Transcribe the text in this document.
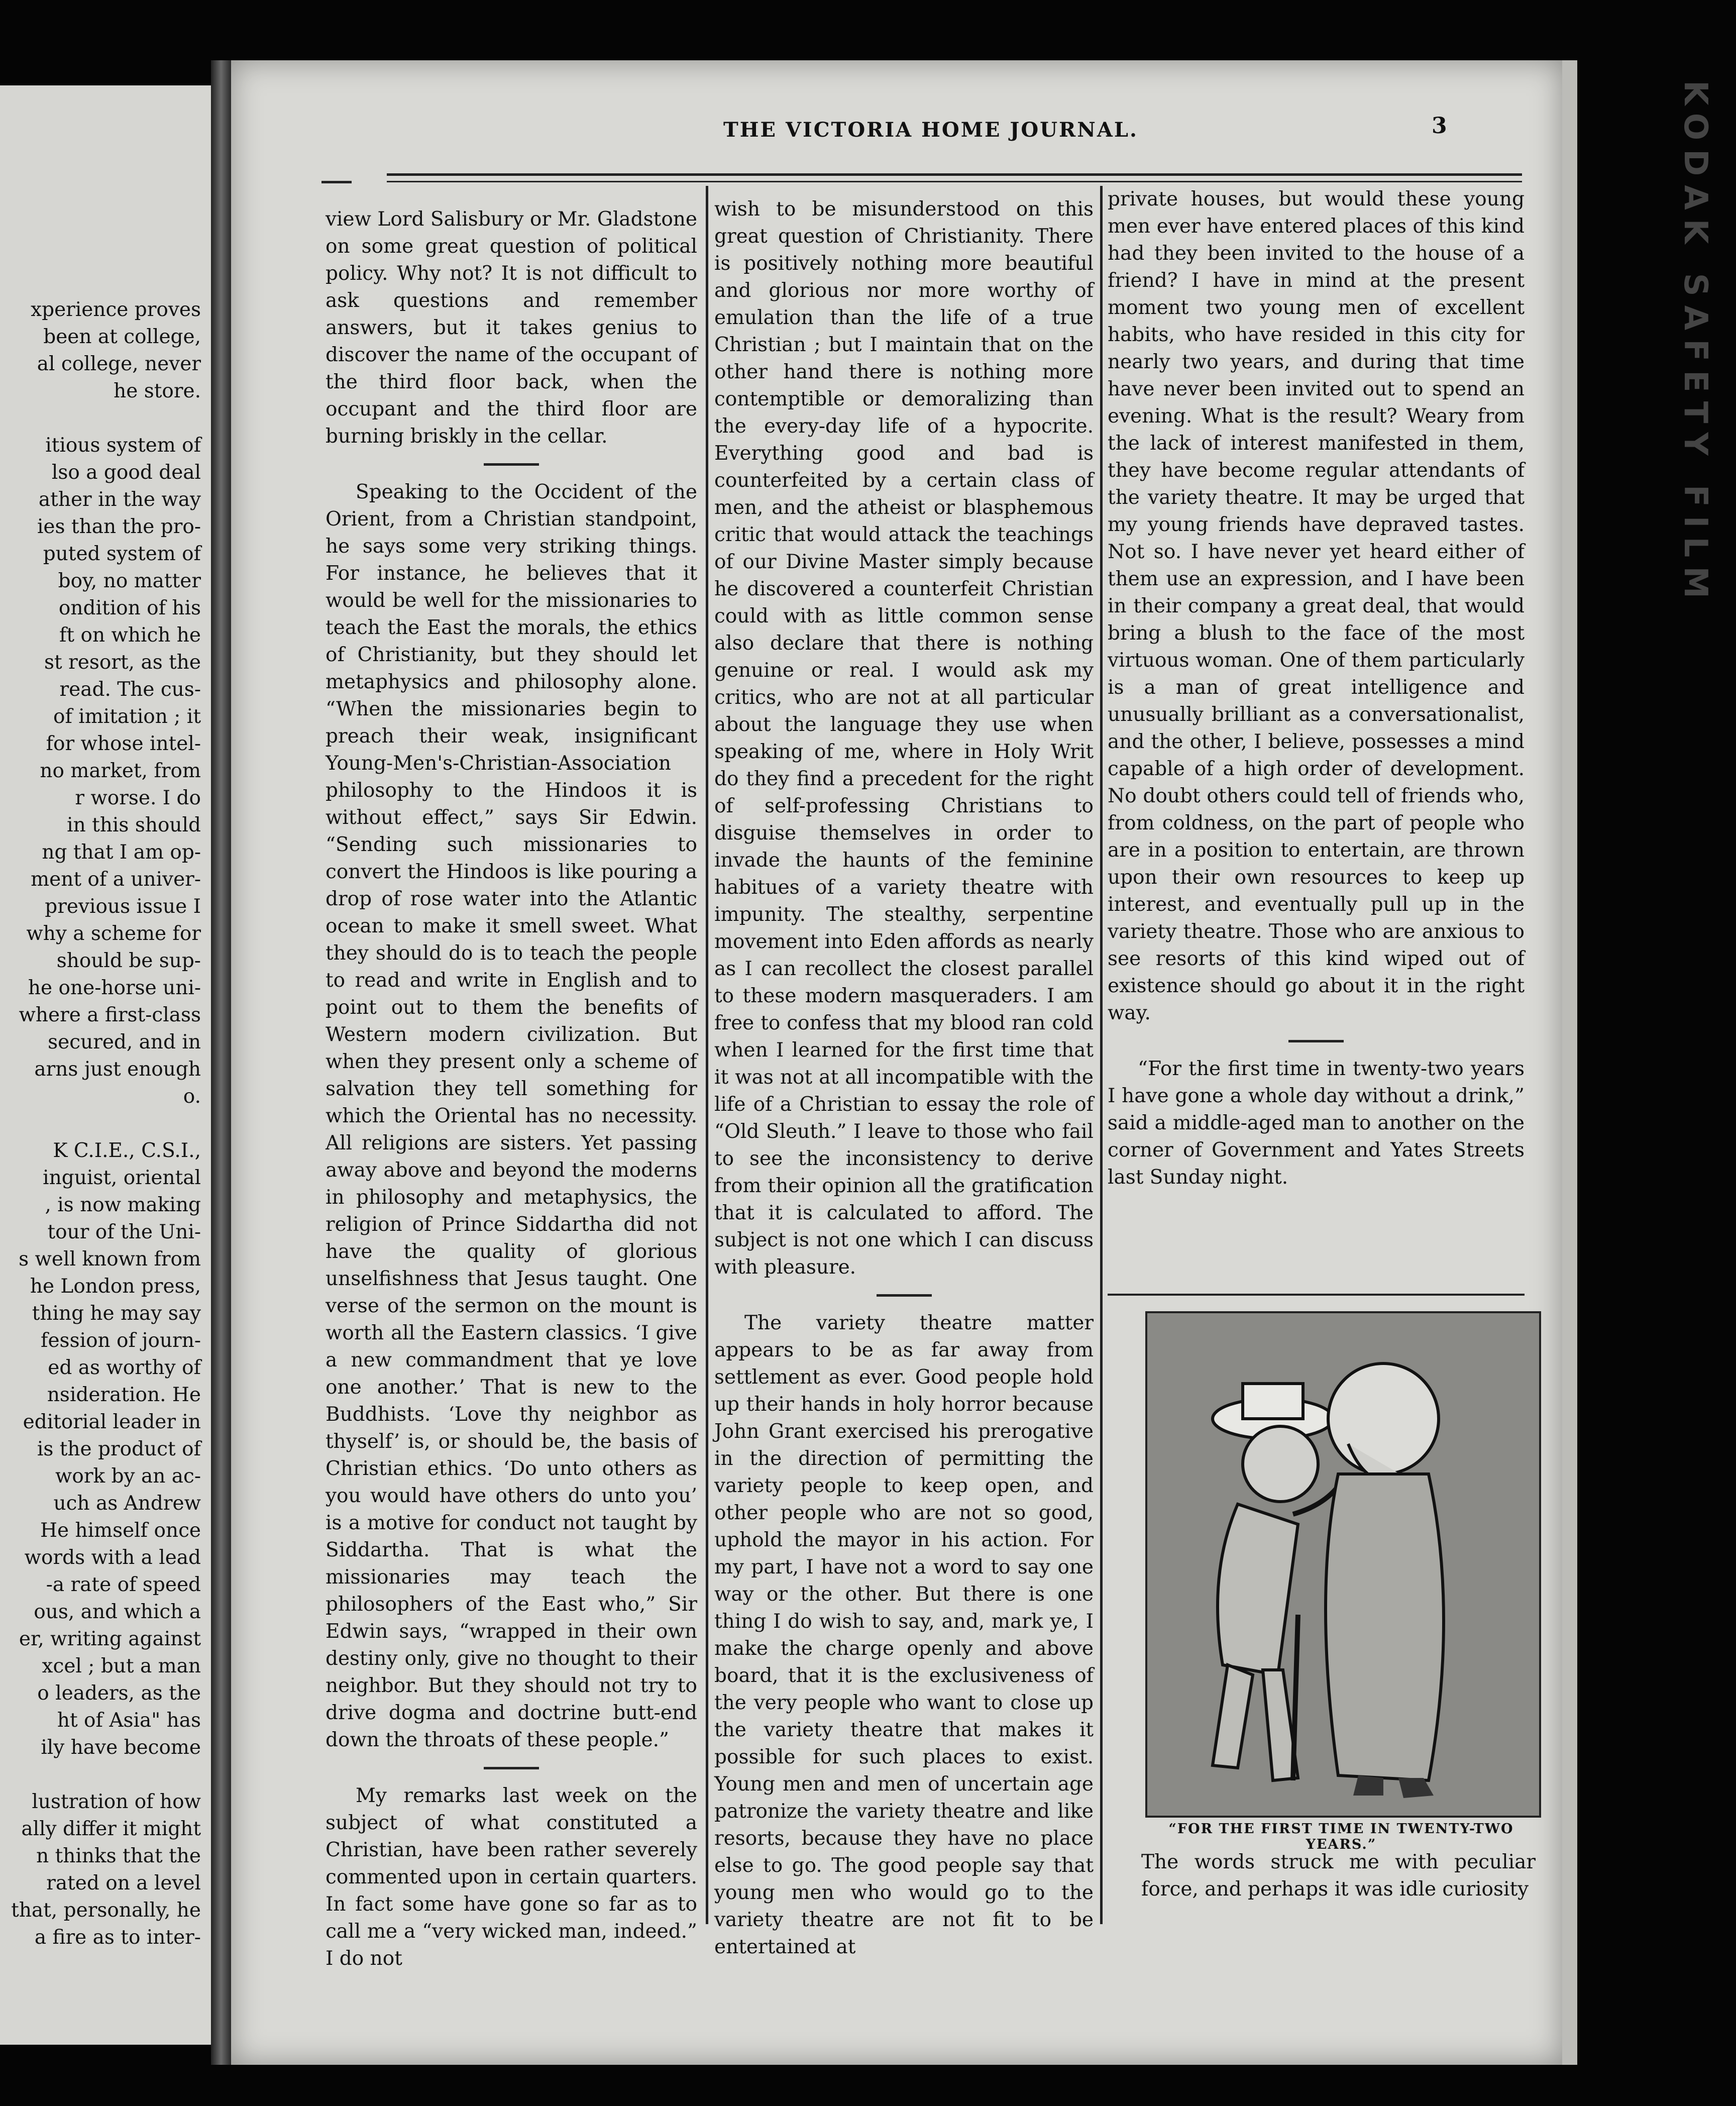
xperience proves
been at college,
al college, never
he store.

itious system of
lso a good deal
ather in the way
ies than the pro-
puted system of
boy, no matter
ondition of his
ft on which he
st resort, as the
read. The cus-
of imitation ; it
for whose intel-
no market, from
r worse. I do
in this should
ng that I am op-
ment of a univer-
previous issue I
why a scheme for
should be sup-
he one-horse uni-
where a first-class
secured, and in
arns just enough
o.

K C.I.E., C.S.I.,
inguist, oriental
, is now making
tour of the Uni-
s well known from
he London press,
thing he may say
fession of journ-
ed as worthy of
nsideration. He
editorial leader in
is the product of
work by an ac-
uch as Andrew
He himself once
words with a lead
-a rate of speed
ous, and which a
er, writing against
xcel ; but a man
o leaders, as the
ht of Asia" has
ily have become

lustration of how
ally differ it might
n thinks that the
rated on a level
that, personally, he
a fire as to inter-
THE VICTORIA HOME JOURNAL.	3

view Lord Salisbury or Mr. Gladstone on some great question of political policy. Why not? It is not difficult to ask questions and remember answers, but it takes genius to discover the name of the occupant of the third floor back, when the occupant and the third floor are burning briskly in the cellar.

Speaking to the Occident of the Orient, from a Christian standpoint, he says some very striking things. For instance, he believes that it would be well for the missionaries to teach the East the morals, the ethics of Christianity, but they should let metaphysics and philosophy alone. “When the missionaries begin to preach their weak, insignificant Young-Men's-Christian-Association philosophy to the Hindoos it is without effect,” says Sir Edwin. “Sending such missionaries to convert the Hindoos is like pouring a drop of rose water into the Atlantic ocean to make it smell sweet. What they should do is to teach the people to read and write in English and to point out to them the benefits of Western modern civilization. But when they present only a scheme of salvation they tell something for which the Oriental has no necessity. All religions are sisters. Yet passing away above and beyond the moderns in philosophy and metaphysics, the religion of Prince Siddartha did not have the quality of glorious unselfishness that Jesus taught. One verse of the sermon on the mount is worth all the Eastern classics. ‘I give a new commandment that ye love one another.’ That is new to the Buddhists. ‘Love thy neighbor as thyself’ is, or should be, the basis of Christian ethics. ‘Do unto others as you would have others do unto you’ is a motive for conduct not taught by Siddartha. That is what the missionaries may teach the philosophers of the East who,” Sir Edwin says, “wrapped in their own destiny only, give no thought to their neighbor. But they should not try to drive dogma and doctrine butt-end down the throats of these people.”

My remarks last week on the subject of what constituted a Christian, have been rather severely commented upon in certain quarters. In fact some have gone so far as to call me a “very wicked man, indeed.” I do not

wish to be misunderstood on this great question of Christianity. There is positively nothing more beautiful and glorious nor more worthy of emulation than the life of a true Christian ; but I maintain that on the other hand there is nothing more contemptible or demoralizing than the every-day life of a hypocrite. Everything good and bad is counterfeited by a certain class of men, and the atheist or blasphemous critic that would attack the teachings of our Divine Master simply because he discovered a counterfeit Christian could with as little common sense also declare that there is nothing genuine or real. I would ask my critics, who are not at all particular about the language they use when speaking of me, where in Holy Writ do they find a precedent for the right of self-professing Christians to disguise themselves in order to invade the haunts of the feminine habitues of a variety theatre with impunity. The stealthy, serpentine movement into Eden affords as nearly as I can recollect the closest parallel to these modern masqueraders. I am free to confess that my blood ran cold when I learned for the first time that it was not at all incompatible with the life of a Christian to essay the role of “Old Sleuth.” I leave to those who fail to see the inconsistency to derive from their opinion all the gratification that it is calculated to afford. The subject is not one which I can discuss with pleasure.

The variety theatre matter appears to be as far away from settlement as ever. Good people hold up their hands in holy horror because John Grant exercised his prerogative in the direction of permitting the variety people to keep open, and other people who are not so good, uphold the mayor in his action. For my part, I have not a word to say one way or the other. But there is one thing I do wish to say, and, mark ye, I make the charge openly and above board, that it is the exclusiveness of the very people who want to close up the variety theatre that makes it possible for such places to exist. Young men and men of uncertain age patronize the variety theatre and like resorts, because they have no place else to go. The good people say that young men who would go to the variety theatre are not fit to be entertained at

private houses, but would these young men ever have entered places of this kind had they been invited to the house of a friend? I have in mind at the present moment two young men of excellent habits, who have resided in this city for nearly two years, and during that time have never been invited out to spend an evening. What is the result? Weary from the lack of interest manifested in them, they have become regular attendants of the variety theatre. It may be urged that my young friends have depraved tastes. Not so. I have never yet heard either of them use an expression, and I have been in their company a great deal, that would bring a blush to the face of the most virtuous woman. One of them particularly is a man of great intelligence and unusually brilliant as a conversationalist, and the other, I believe, possesses a mind capable of a high order of development. No doubt others could tell of friends who, from coldness, on the part of people who are in a position to entertain, are thrown upon their own resources to keep up interest, and eventually pull up in the variety theatre. Those who are anxious to see resorts of this kind wiped out of existence should go about it in the right way.

“For the first time in twenty-two years I have gone a whole day without a drink,” said a middle-aged man to another on the corner of Government and Yates Streets last Sunday night.

“FOR THE FIRST TIME IN TWENTY-TWO YEARS.”

The words struck me with peculiar force, and perhaps it was idle curiosity

KODAK SAFETY FILM
